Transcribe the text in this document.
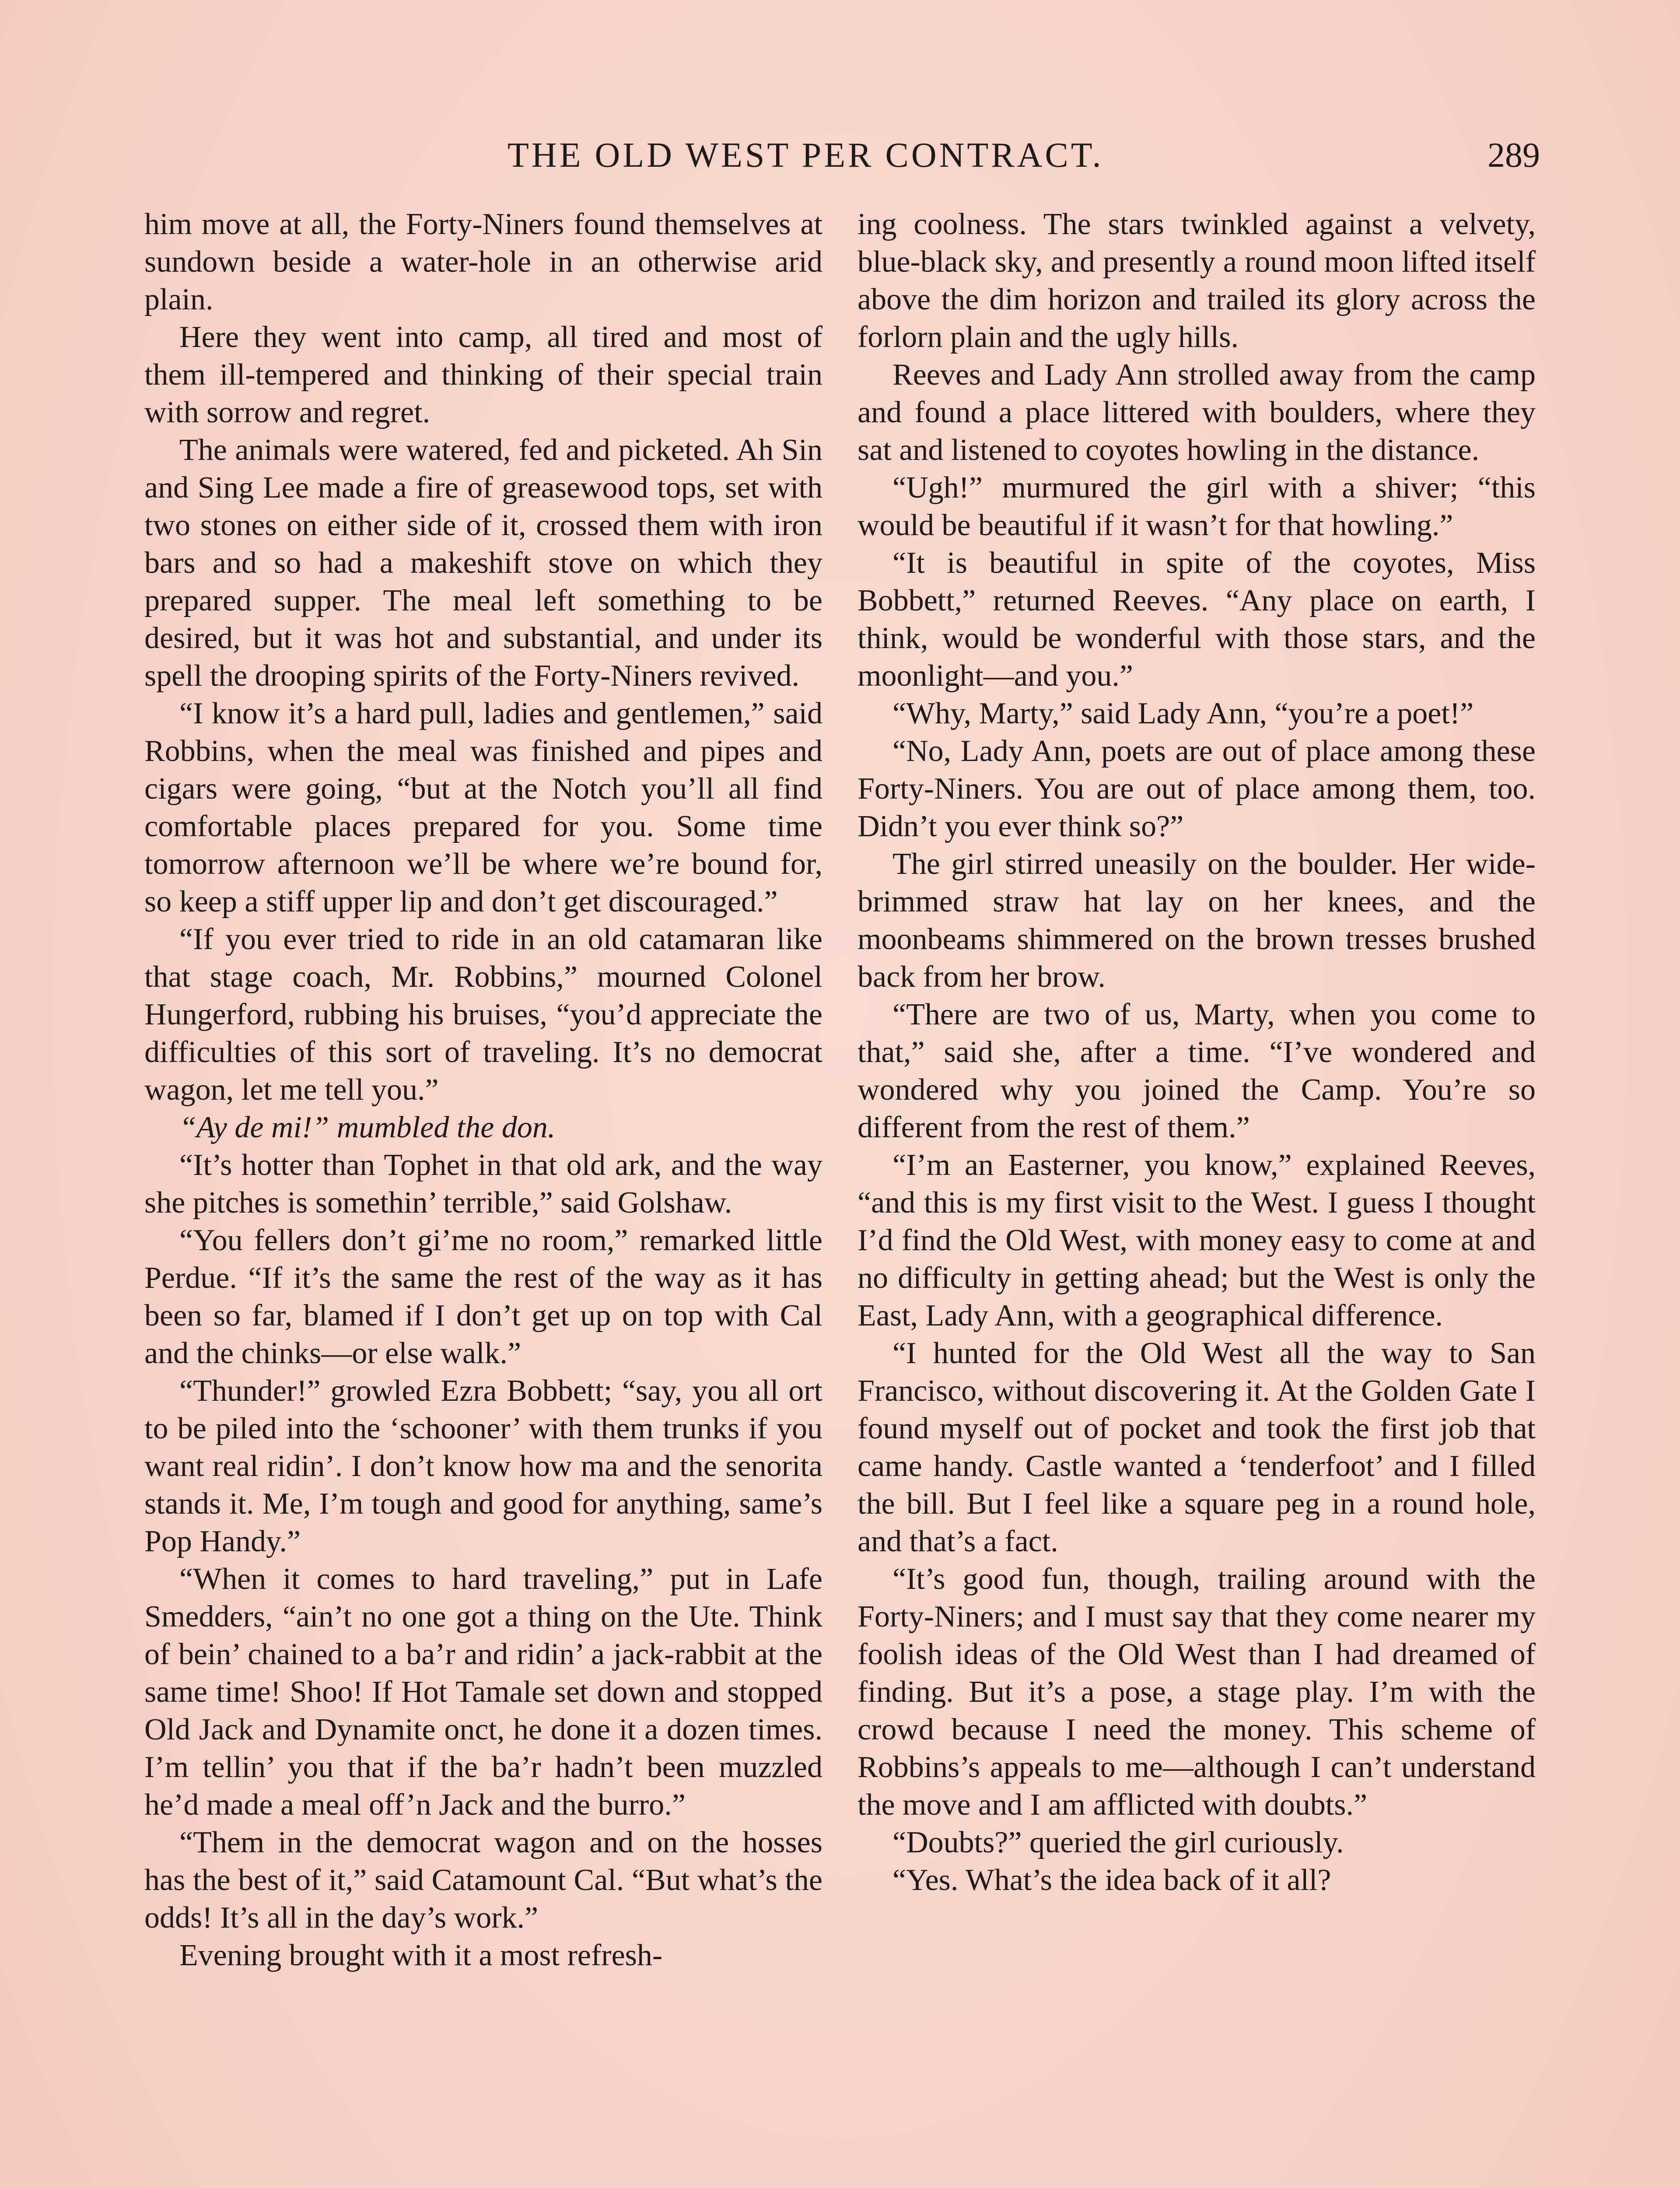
THE OLD WEST PER CONTRACT.	289

him move at all, the Forty-Niners found themselves at sundown beside a water-hole in an otherwise arid plain.

Here they went into camp, all tired and most of them ill-tempered and thinking of their special train with sorrow and regret.

The animals were watered, fed and picketed. Ah Sin and Sing Lee made a fire of greasewood tops, set with two stones on either side of it, crossed them with iron bars and so had a makeshift stove on which they prepared supper. The meal left something to be desired, but it was hot and substantial, and under its spell the drooping spirits of the Forty-Niners revived.

“I know it’s a hard pull, ladies and gentlemen,” said Robbins, when the meal was finished and pipes and cigars were going, “but at the Notch you’ll all find comfortable places prepared for you. Some time tomorrow afternoon we’ll be where we’re bound for, so keep a stiff upper lip and don’t get discouraged.”

“If you ever tried to ride in an old catamaran like that stage coach, Mr. Robbins,” mourned Colonel Hungerford, rubbing his bruises, “you’d appreciate the difficulties of this sort of traveling. It’s no democrat wagon, let me tell you.”

“Ay de mi!” mumbled the don.

“It’s hotter than Tophet in that old ark, and the way she pitches is somethin’ terrible,” said Golshaw.

“You fellers don’t gi’me no room,” remarked little Perdue. “If it’s the same the rest of the way as it has been so far, blamed if I don’t get up on top with Cal and the chinks—or else walk.”

“Thunder!” growled Ezra Bobbett; “say, you all ort to be piled into the ‘schooner’ with them trunks if you want real ridin’. I don’t know how ma and the senorita stands it. Me, I’m tough and good for anything, same’s Pop Handy.”

“When it comes to hard traveling,” put in Lafe Smedders, “ain’t no one got a thing on the Ute. Think of bein’ chained to a ba’r and ridin’ a jack-rabbit at the same time! Shoo! If Hot Tamale set down and stopped Old Jack and Dynamite onct, he done it a dozen times. I’m tellin’ you that if the ba’r hadn’t been muzzled he’d made a meal off’n Jack and the burro.”

“Them in the democrat wagon and on the hosses has the best of it,” said Catamount Cal. “But what’s the odds! It’s all in the day’s work.”

Evening brought with it a most refresh-

ing coolness. The stars twinkled against a velvety, blue-black sky, and presently a round moon lifted itself above the dim horizon and trailed its glory across the forlorn plain and the ugly hills.

Reeves and Lady Ann strolled away from the camp and found a place littered with boulders, where they sat and listened to coyotes howling in the distance.

“Ugh!” murmured the girl with a shiver; “this would be beautiful if it wasn’t for that howling.”

“It is beautiful in spite of the coyotes, Miss Bobbett,” returned Reeves. “Any place on earth, I think, would be wonderful with those stars, and the moonlight—and you.”

“Why, Marty,” said Lady Ann, “you’re a poet!”

“No, Lady Ann, poets are out of place among these Forty-Niners. You are out of place among them, too. Didn’t you ever think so?”

The girl stirred uneasily on the boulder. Her wide-brimmed straw hat lay on her knees, and the moonbeams shimmered on the brown tresses brushed back from her brow.

“There are two of us, Marty, when you come to that,” said she, after a time. “I’ve wondered and wondered why you joined the Camp. You’re so different from the rest of them.”

“I’m an Easterner, you know,” explained Reeves, “and this is my first visit to the West. I guess I thought I’d find the Old West, with money easy to come at and no difficulty in getting ahead; but the West is only the East, Lady Ann, with a geographical difference.

“I hunted for the Old West all the way to San Francisco, without discovering it. At the Golden Gate I found myself out of pocket and took the first job that came handy. Castle wanted a ‘tenderfoot’ and I filled the bill. But I feel like a square peg in a round hole, and that’s a fact.

“It’s good fun, though, trailing around with the Forty-Niners; and I must say that they come nearer my foolish ideas of the Old West than I had dreamed of finding. But it’s a pose, a stage play. I’m with the crowd because I need the money. This scheme of Robbins’s appeals to me—although I can’t understand the move and I am afflicted with doubts.”

“Doubts?” queried the girl curiously.

“Yes. What’s the idea back of it all?
